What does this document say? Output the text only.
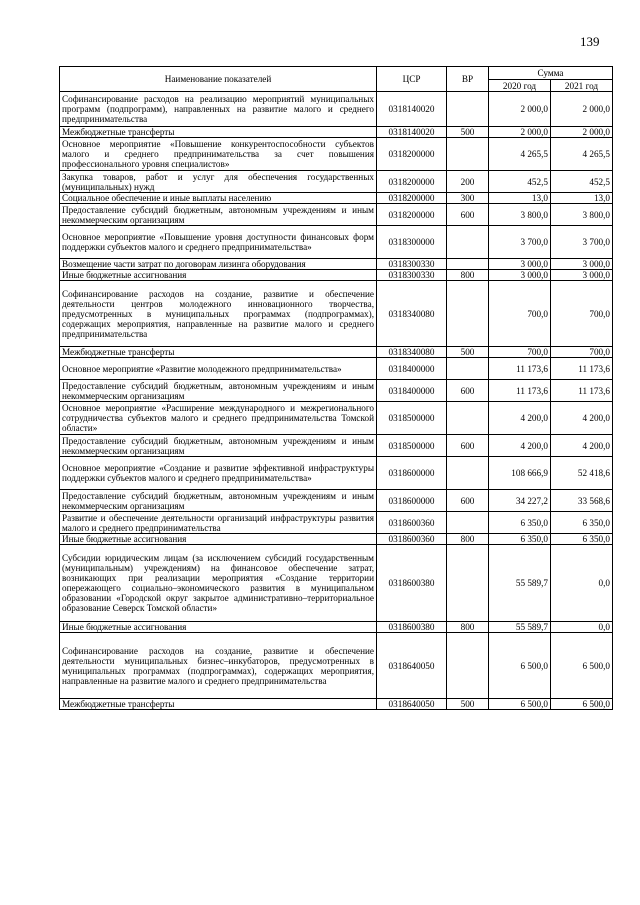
139
Наименование показателей	ЦСР	ВР	Сумма	
			2020 год	2021 год
Софинансирование расходов на реализацию мероприятий муниципальных программ (подпрограмм), направленных на развитие малого и среднего предпринимательства	0318140020		2 000,0	2 000,0
Межбюджетные трансферты	0318140020	500	2 000,0	2 000,0
Основное мероприятие «Повышение конкурентоспособности субъектов малого и среднего предпринимательства за счет повышения профессионального уровня специалистов»	0318200000		4 265,5	4 265,5
Закупка товаров, работ и услуг для обеспечения государственных (муниципальных) нужд	0318200000	200	452,5	452,5
Социальное обеспечение и иные выплаты населению	0318200000	300	13,0	13,0
Предоставление субсидий бюджетным, автономным учреждениям и иным некоммерческим организациям	0318200000	600	3 800,0	3 800,0
Основное мероприятие «Повышение уровня доступности финансовых форм поддержки субъектов малого и среднего предпринимательства»	0318300000		3 700,0	3 700,0
Возмещение части затрат по договорам лизинга оборудования	0318300330		3 000,0	3 000,0
Иные бюджетные ассигнования	0318300330	800	3 000,0	3 000,0
Софинансирование расходов на создание, развитие и обеспечение деятельности центров молодежного инновационного творчества, предусмотренных в муниципальных программах (подпрограммах), содержащих мероприятия, направленные на развитие малого и среднего предпринимательства	0318340080		700,0	700,0
Межбюджетные трансферты	0318340080	500	700,0	700,0
Основное мероприятие «Развитие молодежного предпринимательства»	0318400000		11 173,6	11 173,6
Предоставление субсидий бюджетным, автономным учреждениям и иным некоммерческим организациям	0318400000	600	11 173,6	11 173,6
Основное мероприятие «Расширение международного и межрегионального сотрудничества субъектов малого и среднего предпринимательства Томской области»	0318500000		4 200,0	4 200,0
Предоставление субсидий бюджетным, автономным учреждениям и иным некоммерческим организациям	0318500000	600	4 200,0	4 200,0
Основное мероприятие «Создание и развитие эффективной инфраструктуры поддержки субъектов малого и среднего предпринимательства»	0318600000		108 666,9	52 418,6
Предоставление субсидий бюджетным, автономным учреждениям и иным некоммерческим организациям	0318600000	600	34 227,2	33 568,6
Развитие и обеспечение деятельности организаций инфраструктуры развития малого и среднего предпринимательства	0318600360		6 350,0	6 350,0
Иные бюджетные ассигнования	0318600360	800	6 350,0	6 350,0
Субсидии юридическим лицам (за исключением субсидий государственным (муниципальным) учреждениям) на финансовое обеспечение затрат, возникающих при реализации мероприятия «Создание территории опережающего социально–экономического развития в муниципальном образовании «Городской округ закрытое административно–территориальное образование Северск Томской области»	0318600380		55 589,7	0,0
Иные бюджетные ассигнования	0318600380	800	55 589,7	0,0
Софинансирование расходов на создание, развитие и обеспечение деятельности муниципальных бизнес–инкубаторов, предусмотренных в муниципальных программах (подпрограммах), содержащих мероприятия, направленные на развитие малого и среднего предпринимательства	0318640050		6 500,0	6 500,0
Межбюджетные трансферты	0318640050	500	6 500,0	6 500,0
